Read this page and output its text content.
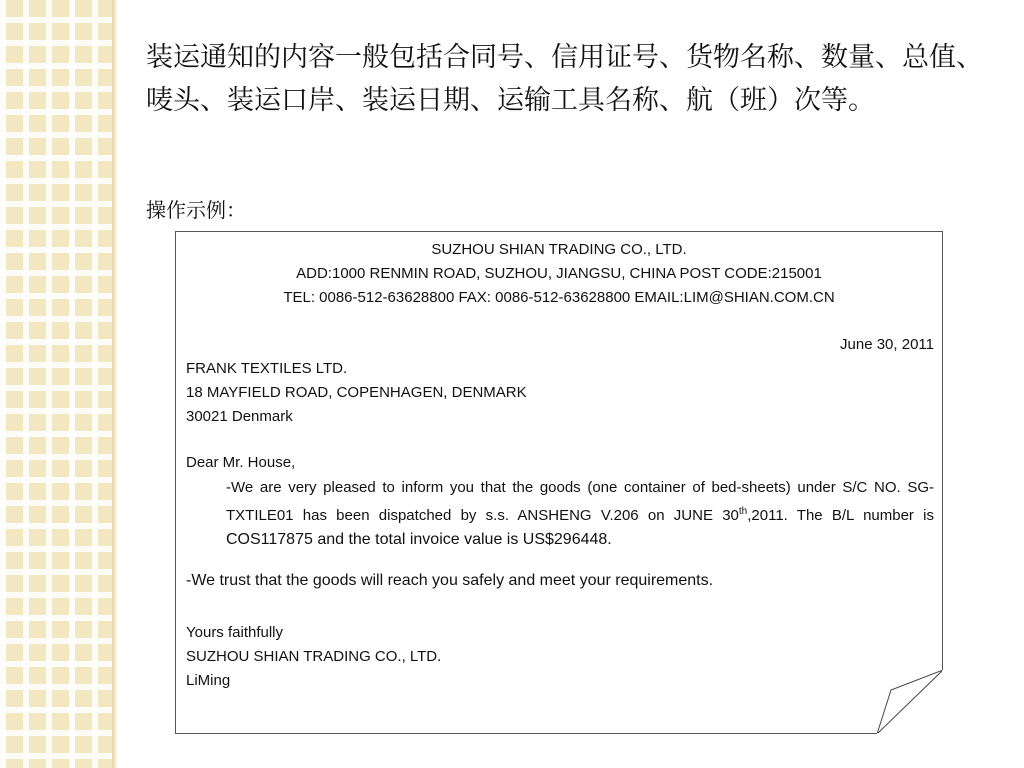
装运通知的内容一般包括合同号、信用证号、货物名称、数量、总值、唛头、装运口岸、装运日期、运输工具名称、航（班）次等。

操作示例：

SUZHOU SHIAN TRADING CO., LTD.

ADD:1000 RENMIN ROAD, SUZHOU, JIANGSU, CHINA POST CODE:215001

TEL: 0086-512-63628800 FAX: 0086-512-63628800 EMAIL:LIM@SHIAN.COM.CN

June 30, 2011

FRANK TEXTILES LTD.

18 MAYFIELD ROAD, COPENHAGEN, DENMARK

30021 Denmark

Dear Mr. House,

-We are very pleased to inform you that the goods (one container of bed-sheets) under S/C NO. SG-TXTILE01 has been dispatched by s.s. ANSHENG V.206 on JUNE 30th,2011. The B/L number is COS117875 and the total invoice value is US$296448.

-We trust that the goods will reach you safely and meet your requirements.

Yours faithfully

SUZHOU SHIAN TRADING CO., LTD.

LiMing
